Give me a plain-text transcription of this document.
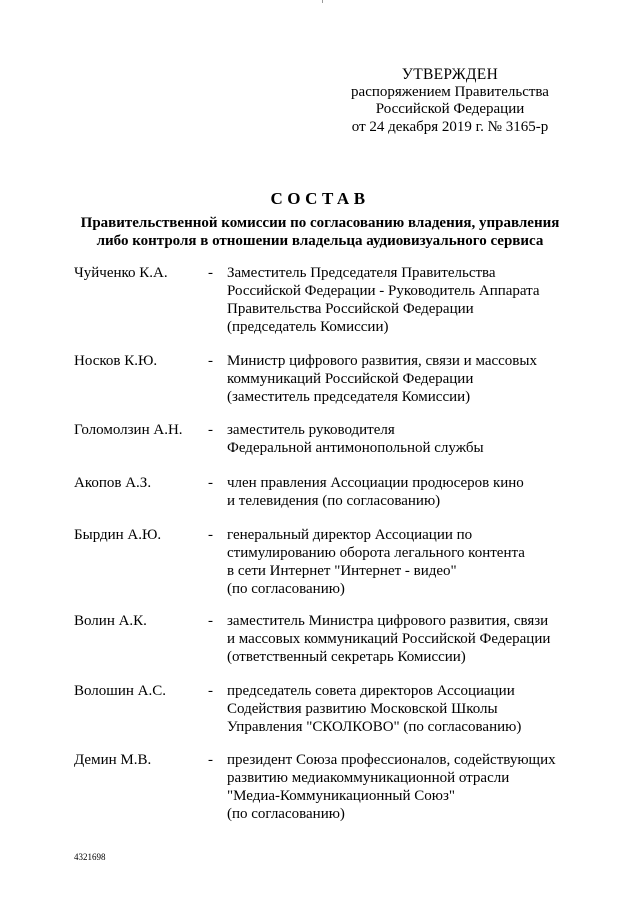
УТВЕРЖДЕН
распоряжением Правительства
Российской Федерации
от 24 декабря 2019 г. № 3165-р
СОСТАВ
Правительственной комиссии по согласованию владения, управления
либо контроля в отношении владельца аудиовизуального сервиса
Чуйченко К.А.	- Заместитель Председателя Правительства
Российской Федерации - Руководитель Аппарата
Правительства Российской Федерации
(председатель Комиссии)
Носков К.Ю.	- Министр цифрового развития, связи и массовых
коммуникаций Российской Федерации
(заместитель председателя Комиссии)
Голомолзин А.Н. - заместитель руководителя
Федеральной антимонопольной службы
Акопов А.З.	- член правления Ассоциации продюсеров кино
и телевидения (по согласованию)
Бырдин А.Ю.	- генеральный директор Ассоциации по
стимулированию оборота легального контента
в сети Интернет "Интернет - видео"
(по согласованию)
Волин А.К.	- заместитель Министра цифрового развития, связи
и массовых коммуникаций Российской Федерации
(ответственный секретарь Комиссии)
Волошин А.С.	- председатель совета директоров Ассоциации
Содействия развитию Московской Школы
Управления "СКОЛКОВО" (по согласованию)
Демин М.В.	- президент Союза профессионалов, содействующих
развитию медиакоммуникационной отрасли
"Медиа-Коммуникационный Союз"
(по согласованию)
4321698
